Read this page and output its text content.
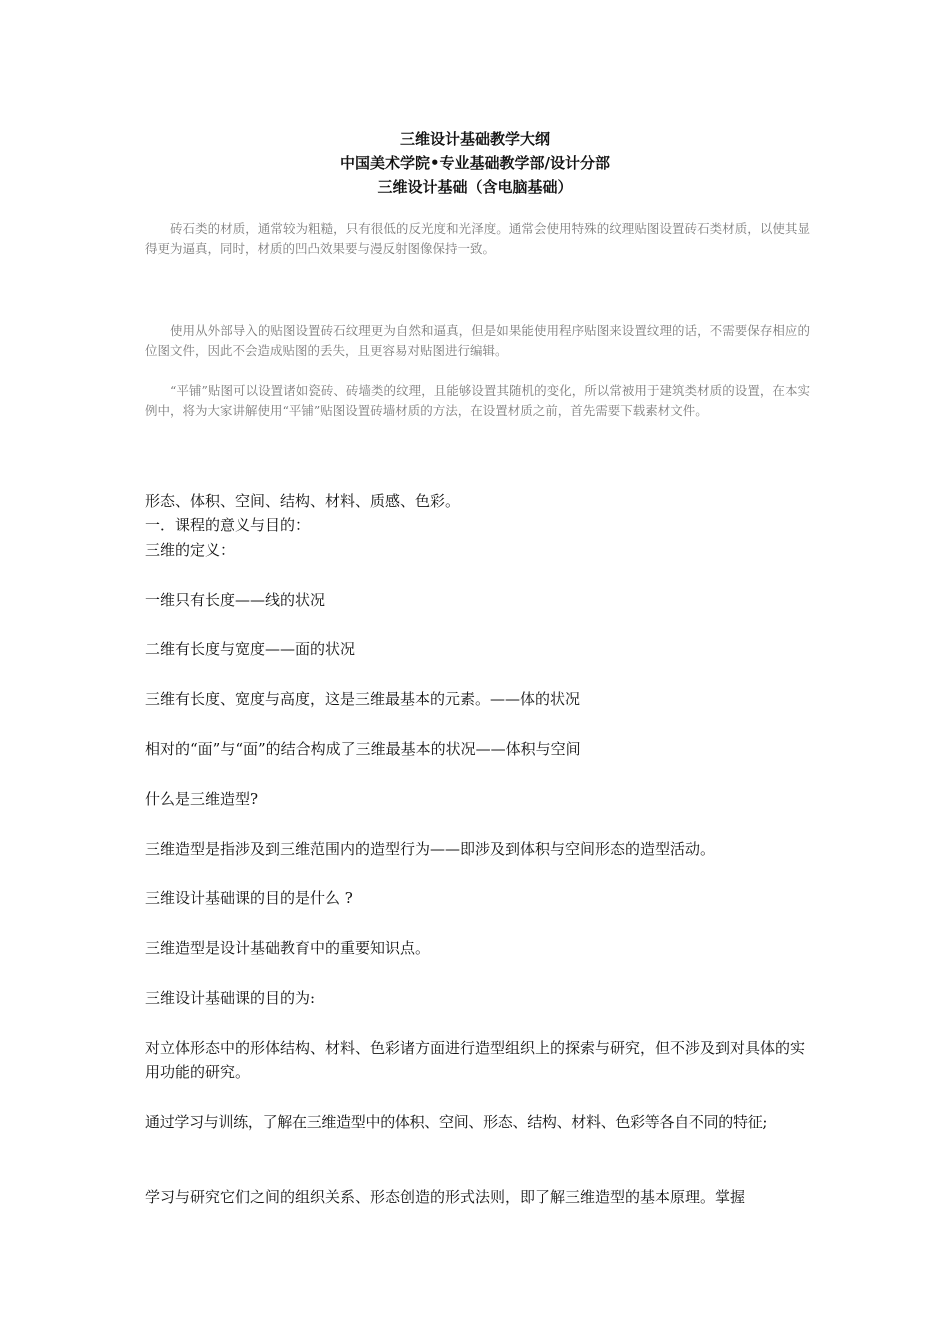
三维设计基础教学大纲
中国美术学院•专业基础教学部/设计分部
三维设计基础（含电脑基础）

砖石类的材质，通常较为粗糙，只有很低的反光度和光泽度。通常会使用特殊的纹理贴图设置砖石类材质，以使其显得更为逼真，同时，材质的凹凸效果要与漫反射图像保持一致。

使用从外部导入的贴图设置砖石纹理更为自然和逼真，但是如果能使用程序贴图来设置纹理的话，不需要保存相应的位图文件，因此不会造成贴图的丢失，且更容易对贴图进行编辑。

“平铺”贴图可以设置诸如瓷砖、砖墙类的纹理，且能够设置其随机的变化，所以常被用于建筑类材质的设置，在本实例中，将为大家讲解使用“平铺”贴图设置砖墙材质的方法，在设置材质之前，首先需要下载素材文件。

形态、体积、空间、结构、材料、质感、色彩。

一．课程的意义与目的：

三维的定义：

一维只有长度——线的状况

二维有长度与宽度——面的状况

三维有长度、宽度与高度，这是三维最基本的元素。——体的状况

相对的“面”与“面”的结合构成了三维最基本的状况——体积与空间

什么是三维造型?

三维造型是指涉及到三维范围内的造型行为——即涉及到体积与空间形态的造型活动。

三维设计基础课的目的是什么 ?

三维造型是设计基础教育中的重要知识点。

三维设计基础课的目的为:

对立体形态中的形体结构、材料、色彩诸方面进行造型组织上的探索与研究，但不涉及到对具体的实用功能的研究。

通过学习与训练，了解在三维造型中的体积、空间、形态、结构、材料、色彩等各自不同的特征;

学习与研究它们之间的组织关系、形态创造的形式法则，即了解三维造型的基本原理。掌握
